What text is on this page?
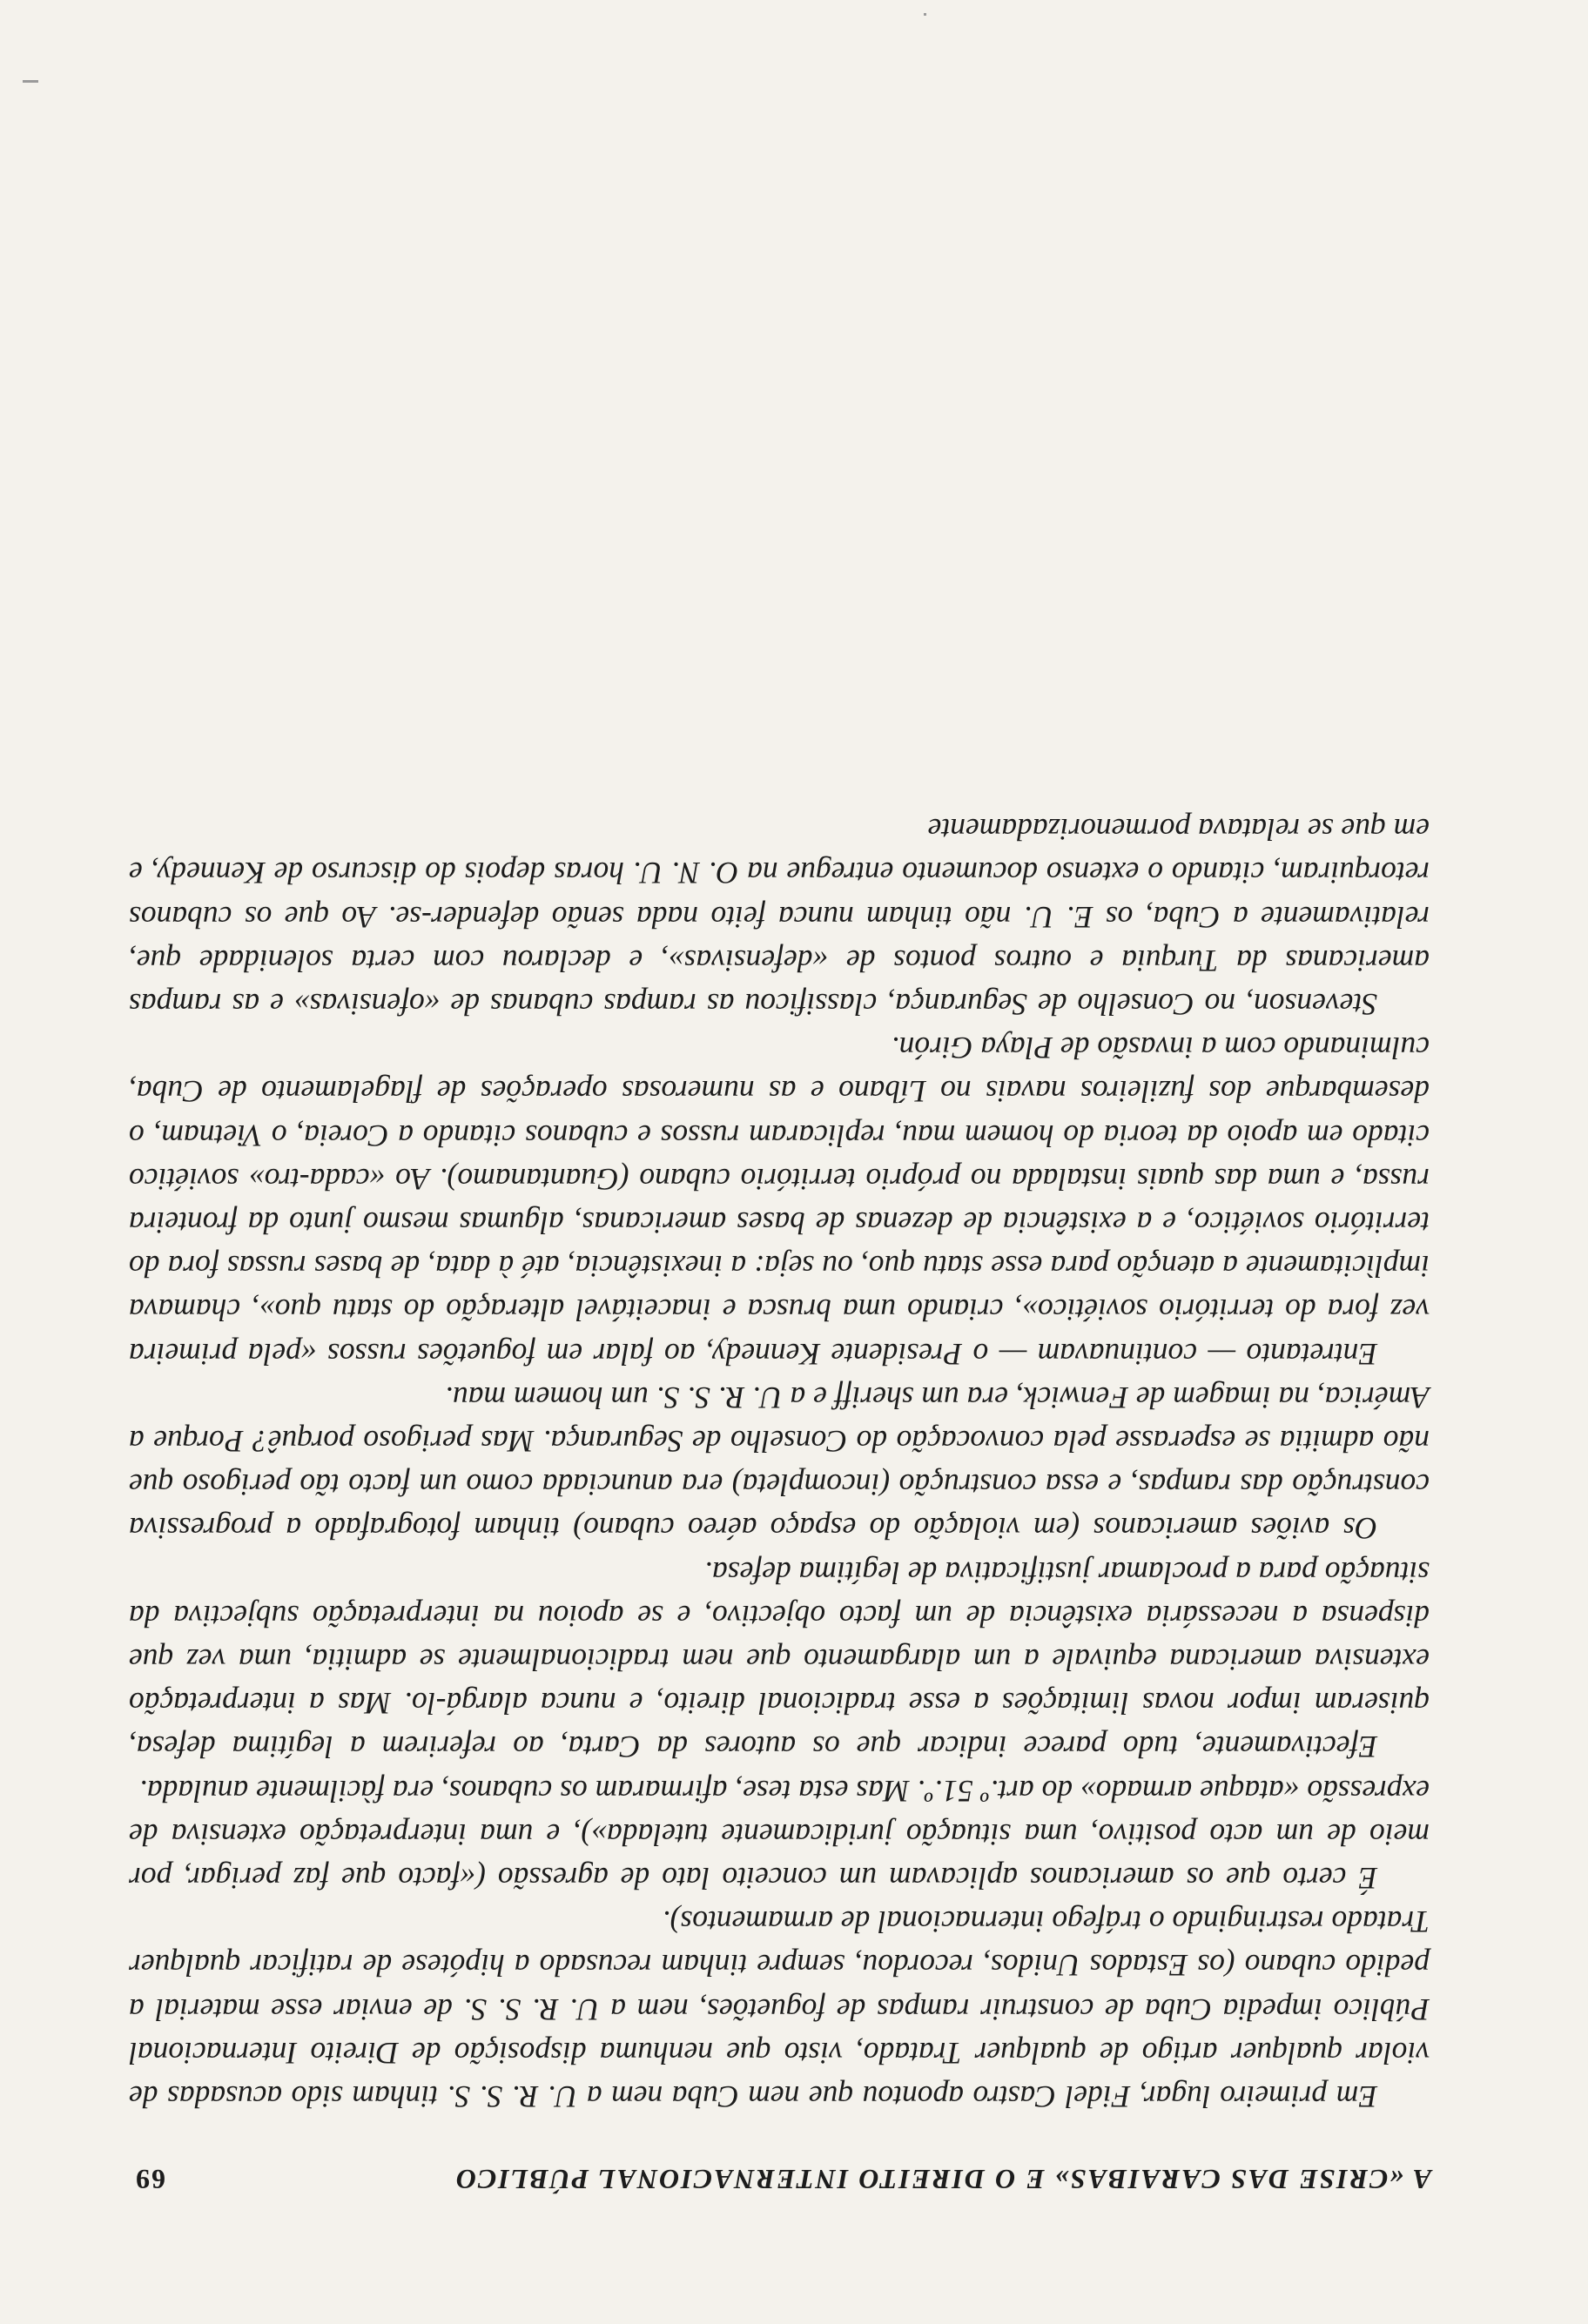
A «CRISE DAS CARAIBAS» E O DIREITO INTERNACIONAL PÚBLICO
69

Em primeiro lugar, Fidel Castro apontou que nem Cuba nem a U. R. S. S. tinham sido acusadas de violar qualquer artigo de qualquer Tratado, visto que nenhuma disposição de Direito Internacional Público impedia Cuba de construir rampas de foguetões, nem a U. R. S. S. de enviar esse material a pedido cubano (os Estados Unidos, recordou, sempre tinham recusado a hipótese de ratificar qualquer Tratado restringindo o tráfego internacional de armamentos).

É certo que os americanos aplicavam um conceito lato de agressão («facto que faz perigar, por meio de um acto positivo, uma situação juridicamente tutelada»), e uma interpretação extensiva de expressão «ataque armado» do art.º 51.º. Mas esta tese, afirmaram os cubanos, era fàcilmente anulada.

Efectivamente, tudo parece indicar que os autores da Carta, ao referirem a legítima defesa, quiseram impor novas limitações a esse tradicional direito, e nunca alargá-lo. Mas a interpretação extensiva americana equivale a um alargamento que nem tradicionalmente se admitia, uma vez que dispensa a necessária existência de um facto objectivo, e se apoiou na interpretação subjectiva da situação para a proclamar justificativa de legítima defesa.

Os aviões americanos (em violação do espaço aéreo cubano) tinham fotografado a progressiva construção das rampas, e essa construção (incompleta) era anunciada como um facto tão perigoso que não admitia se esperasse pela convocação do Conselho de Segurança. Mas perigoso porquê? Porque a América, na imagem de Fenwick, era um sheriff e a U. R. S. S. um homem mau.

Entretanto — continuavam — o Presidente Kennedy, ao falar em foguetões russos «pela primeira vez fora do território soviético», criando uma brusca e inaceitável alteração do statu quo», chamava implìcitamente a atenção para esse statu quo, ou seja: a inexistência, até à data, de bases russas fora do território soviético, e a existência de dezenas de bases americanas, algumas mesmo junto da fronteira russa, e uma das quais instalada no próprio território cubano (Guantanamo). Ao «cada-tro» soviético citado em apoio da teoria do homem mau, replicaram russos e cubanos citando a Coreia, o Vietnam, o desembarque dos fuzileiros navais no Líbano e as numerosas operações de flagelamento de Cuba, culminando com a invasão de Playa Girón.

Stevenson, no Conselho de Segurança, classificou as rampas cubanas de «ofensivas» e as rampas americanas da Turquia e outros pontos de «defensivas», e declarou com certa solenidade que, relativamente a Cuba, os E. U. não tinham nunca feito nada senão defender-se. Ao que os cubanos retorquiram, citando o extenso documento entregue na O. N. U. horas depois do discurso de Kennedy, e em que se relatava pormenorizadamente
